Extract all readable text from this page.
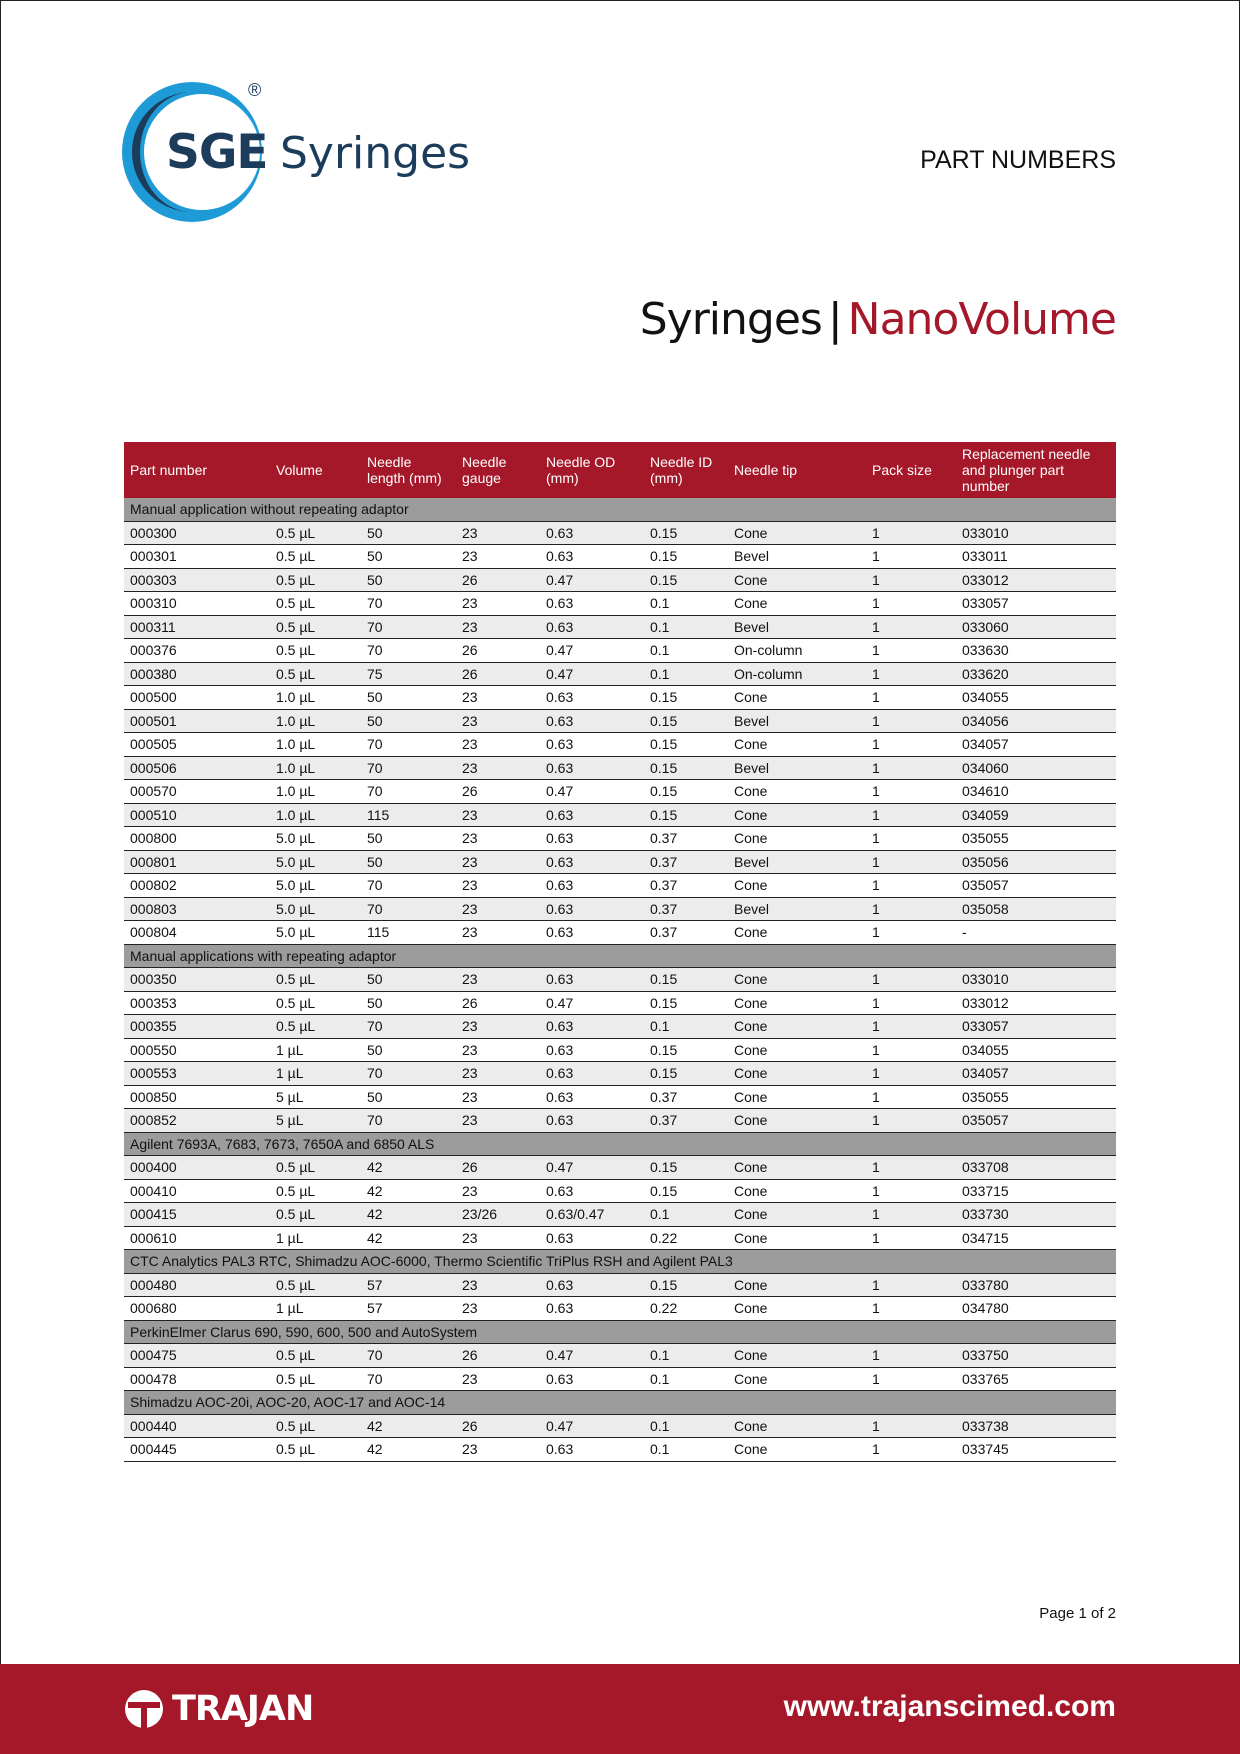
®
SGE Syringes	PART NUMBERS
Syringes | NanoVolume
Part number	Volume	Needle length (mm)	Needle gauge	Needle OD (mm)	Needle ID (mm)	Needle tip	Pack size	Replacement needle and plunger part number
Manual application without repeating adaptor								
000300	0.5 µL	50	23	0.63	0.15	Cone	1	033010
000301	0.5 µL	50	23	0.63	0.15	Bevel	1	033011
000303	0.5 µL	50	26	0.47	0.15	Cone	1	033012
000310	0.5 µL	70	23	0.63	0.1	Cone	1	033057
000311	0.5 µL	70	23	0.63	0.1	Bevel	1	033060
000376	0.5 µL	70	26	0.47	0.1	On-column	1	033630
000380	0.5 µL	75	26	0.47	0.1	On-column	1	033620
000500	1.0 µL	50	23	0.63	0.15	Cone	1	034055
000501	1.0 µL	50	23	0.63	0.15	Bevel	1	034056
000505	1.0 µL	70	23	0.63	0.15	Cone	1	034057
000506	1.0 µL	70	23	0.63	0.15	Bevel	1	034060
000570	1.0 µL	70	26	0.47	0.15	Cone	1	034610
000510	1.0 µL	115	23	0.63	0.15	Cone	1	034059
000800	5.0 µL	50	23	0.63	0.37	Cone	1	035055
000801	5.0 µL	50	23	0.63	0.37	Bevel	1	035056
000802	5.0 µL	70	23	0.63	0.37	Cone	1	035057
000803	5.0 µL	70	23	0.63	0.37	Bevel	1	035058
000804	5.0 µL	115	23	0.63	0.37	Cone	1	-
Manual applications with repeating adaptor								
000350	0.5 µL	50	23	0.63	0.15	Cone	1	033010
000353	0.5 µL	50	26	0.47	0.15	Cone	1	033012
000355	0.5 µL	70	23	0.63	0.1	Cone	1	033057
000550	1 µL	50	23	0.63	0.15	Cone	1	034055
000553	1 µL	70	23	0.63	0.15	Cone	1	034057
000850	5 µL	50	23	0.63	0.37	Cone	1	035055
000852	5 µL	70	23	0.63	0.37	Cone	1	035057
Agilent 7693A, 7683, 7673, 7650A and 6850 ALS								
000400	0.5 µL	42	26	0.47	0.15	Cone	1	033708
000410	0.5 µL	42	23	0.63	0.15	Cone	1	033715
000415	0.5 µL	42	23/26	0.63/0.47	0.1	Cone	1	033730
000610	1 µL	42	23	0.63	0.22	Cone	1	034715
CTC Analytics PAL3 RTC, Shimadzu AOC-6000, Thermo Scientific TriPlus RSH and Agilent PAL3								
000480	0.5 µL	57	23	0.63	0.15	Cone	1	033780
000680	1 µL	57	23	0.63	0.22	Cone	1	034780
PerkinElmer Clarus 690, 590, 600, 500 and AutoSystem								
000475	0.5 µL	70	26	0.47	0.1	Cone	1	033750
000478	0.5 µL	70	23	0.63	0.1	Cone	1	033765
Shimadzu AOC-20i, AOC-20, AOC-17 and AOC-14								
000440	0.5 µL	42	26	0.47	0.1	Cone	1	033738
000445	0.5 µL	42	23	0.63	0.1	Cone	1	033745
Page 1 of 2
TRAJAN	www.trajanscimed.com
